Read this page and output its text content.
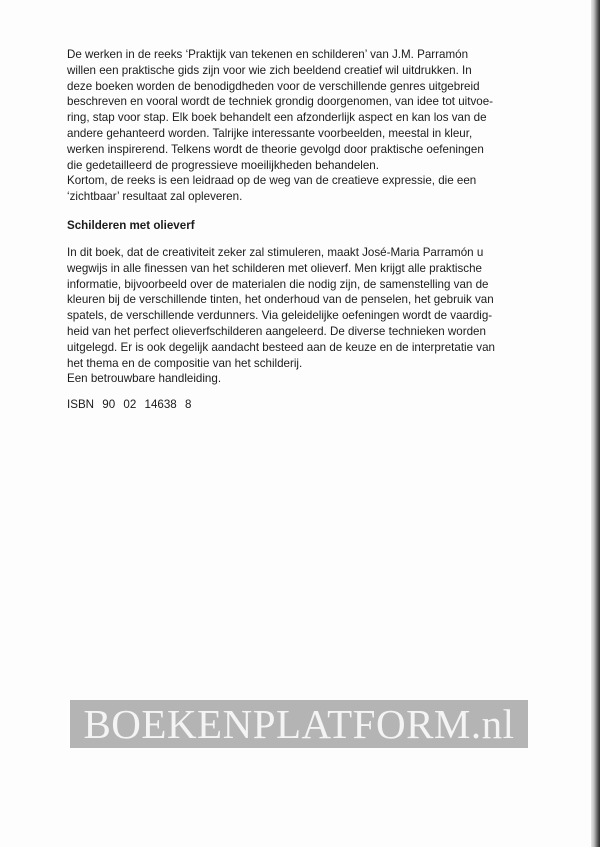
De werken in de reeks ‘Praktijk van tekenen en schilderen’ van J.M. Parramón

willen een praktische gids zijn voor wie zich beeldend creatief wil uitdrukken. In

deze boeken worden de benodigdheden voor de verschillende genres uitgebreid

beschreven en vooral wordt de techniek grondig doorgenomen, van idee tot uitvoe-

ring, stap voor stap. Elk boek behandelt een afzonderlijk aspect en kan los van de

andere gehanteerd worden. Talrijke interessante voorbeelden, meestal in kleur,

werken inspirerend. Telkens wordt de theorie gevolgd door praktische oefeningen

die gedetailleerd de progressieve moeilijkheden behandelen.

Kortom, de reeks is een leidraad op de weg van de creatieve expressie, die een

‘zichtbaar’ resultaat zal opleveren.

Schilderen met olieverf

In dit boek, dat de creativiteit zeker zal stimuleren, maakt José-Maria Parramón u

wegwijs in alle finessen van het schilderen met olieverf. Men krijgt alle praktische

informatie, bijvoorbeeld over de materialen die nodig zijn, de samenstelling van de

kleuren bij de verschillende tinten, het onderhoud van de penselen, het gebruik van

spatels, de verschillende verdunners. Via geleidelijke oefeningen wordt de vaardig-

heid van het perfect olieverfschilderen aangeleerd. De diverse technieken worden

uitgelegd. Er is ook degelijk aandacht besteed aan de keuze en de interpretatie van

het thema en de compositie van het schilderij.

Een betrouwbare handleiding.

ISBN 90 02 14638 8

BOEKENPLATFORM.nl
